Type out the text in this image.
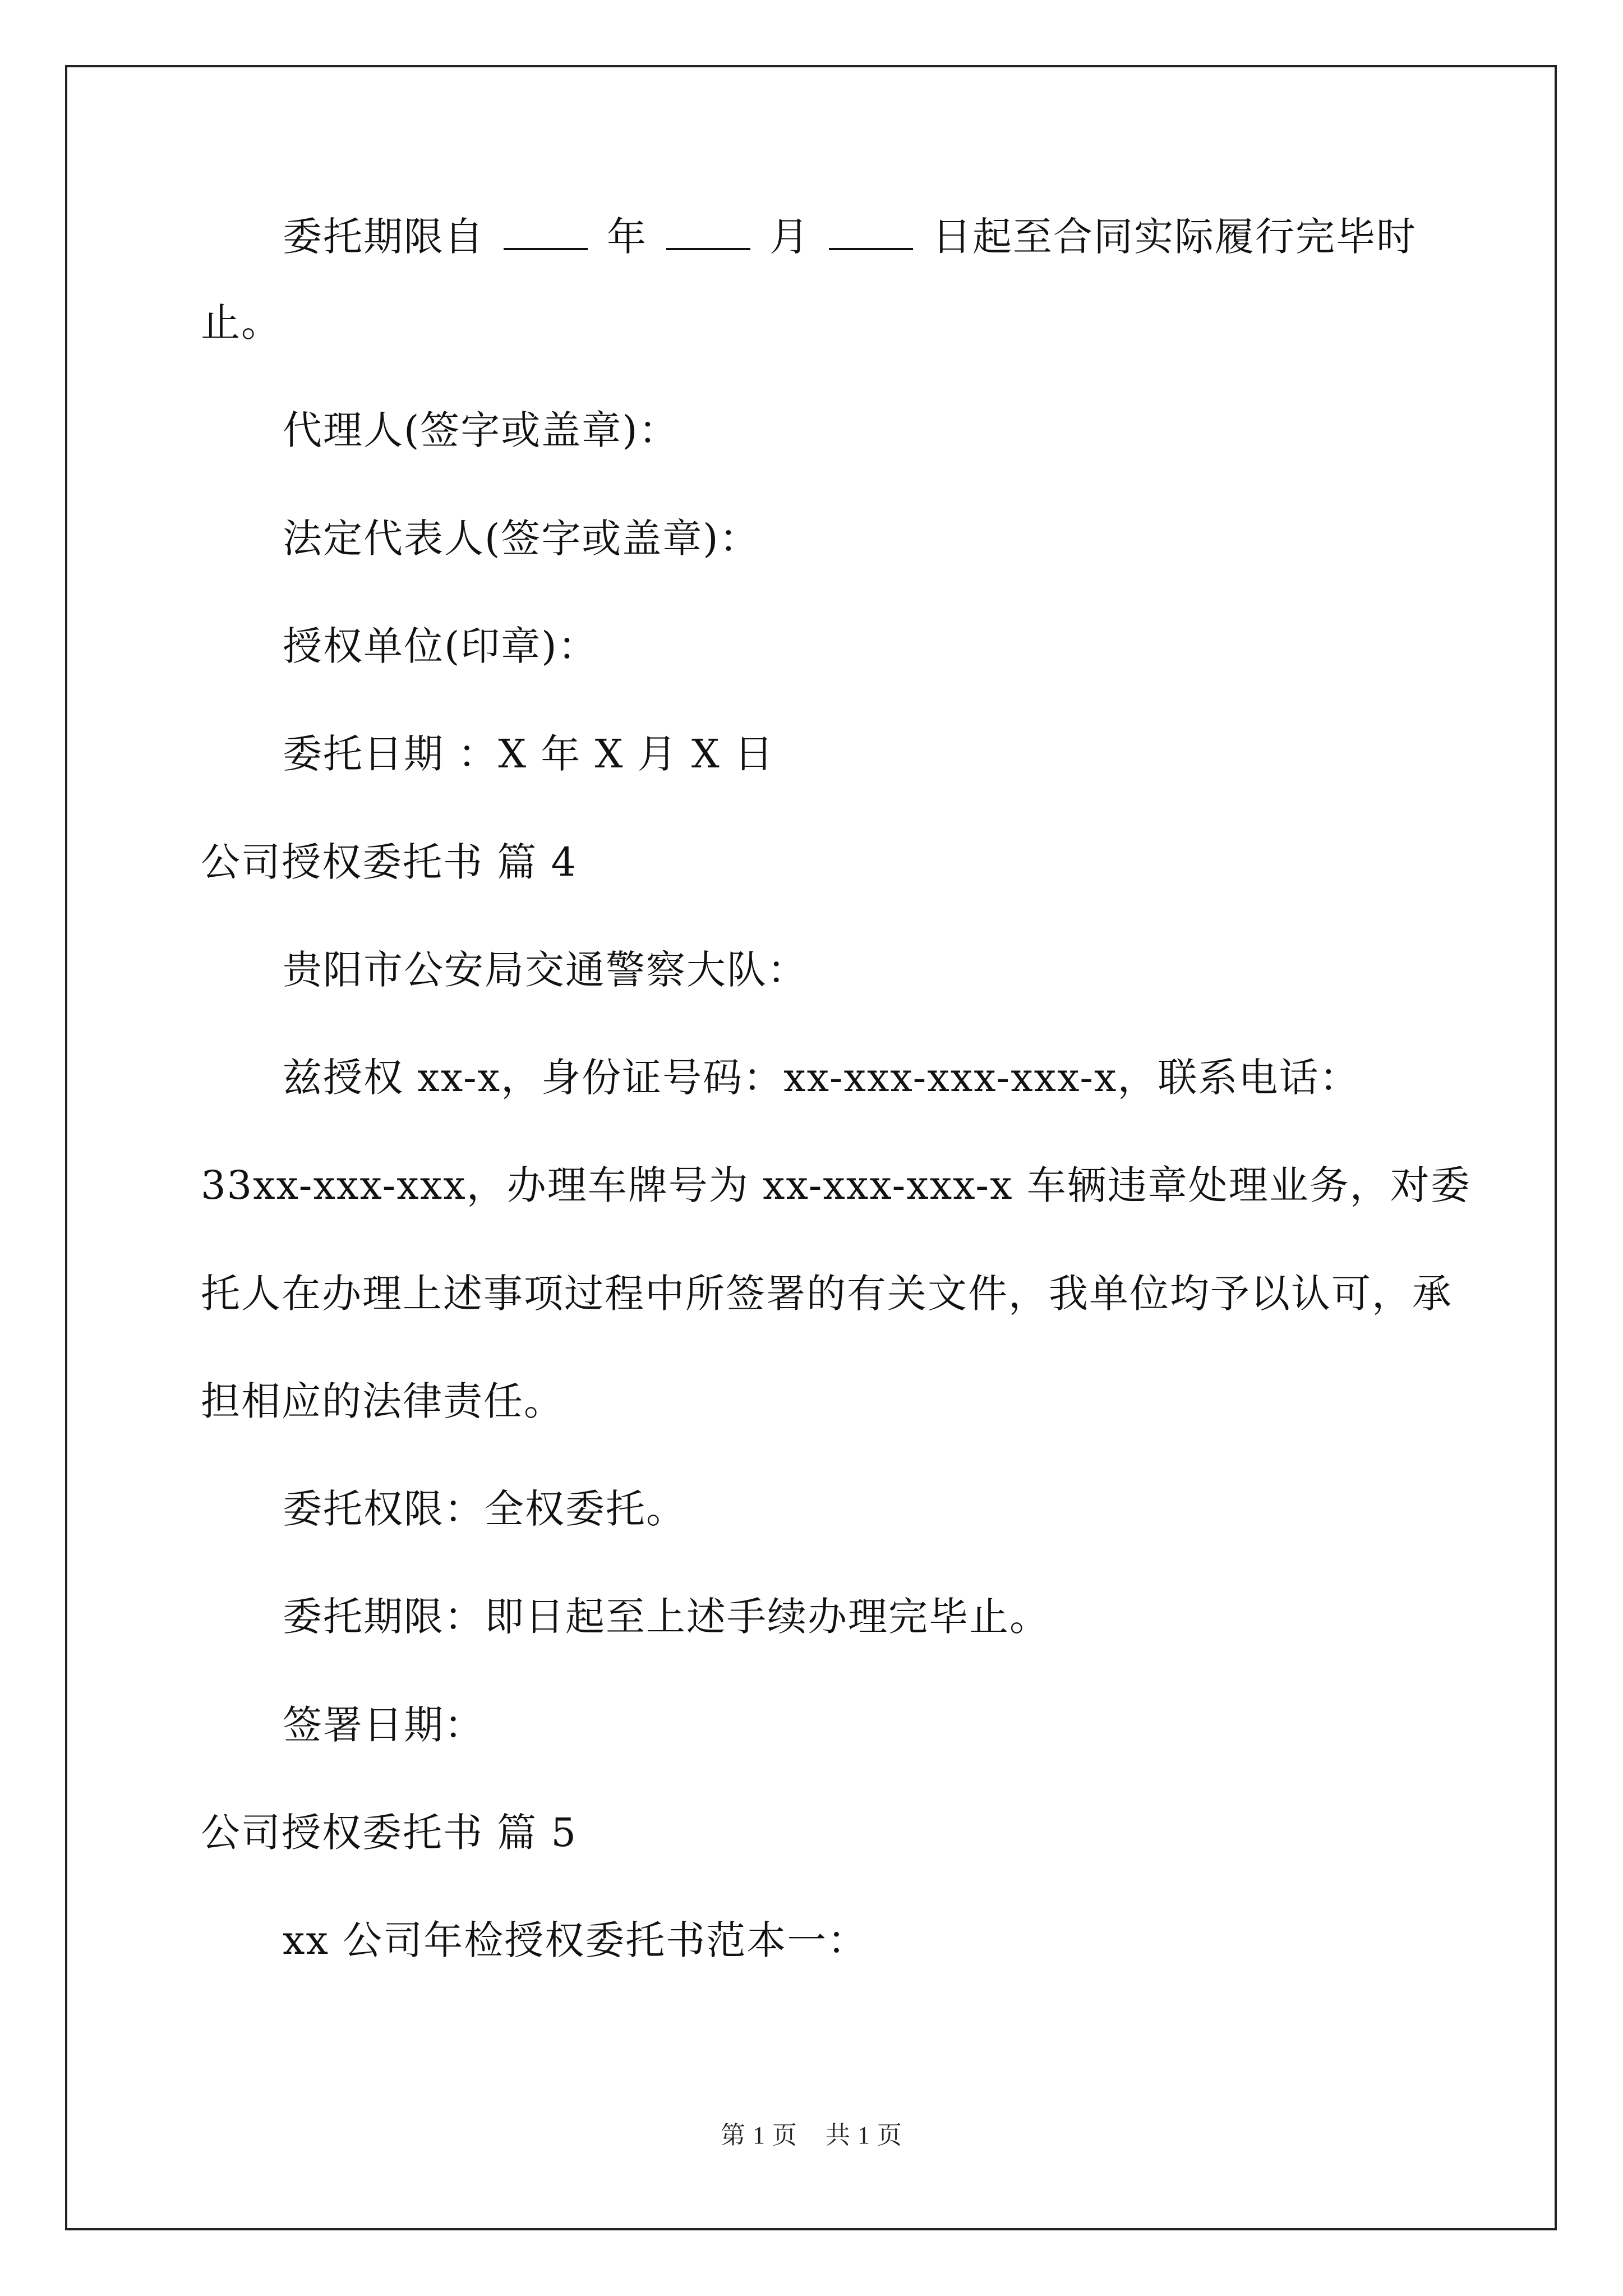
委托期限自	年	月	日起至合同实际履行完毕时
止。
代理人(签字或盖章)：
法定代表人(签字或盖章)：
授权单位(印章)：
委托日期 ：X 年 X 月 X 日
公司授权委托书 篇 4
贵阳市公安局交通警察大队：
兹授权 xx-x，身份证号码：xx-xxx-xxx-xxx-x，联系电话：
33xx-xxx-xxx，办理车牌号为 xx-xxx-xxx-x 车辆违章处理业务，对委
托人在办理上述事项过程中所签署的有关文件，我单位均予以认可，承
担相应的法律责任。
委托权限：全权委托。
委托期限：即日起至上述手续办理完毕止。
签署日期：
公司授权委托书 篇 5
xx 公司年检授权委托书范本一：
第 1 页 共 1 页
